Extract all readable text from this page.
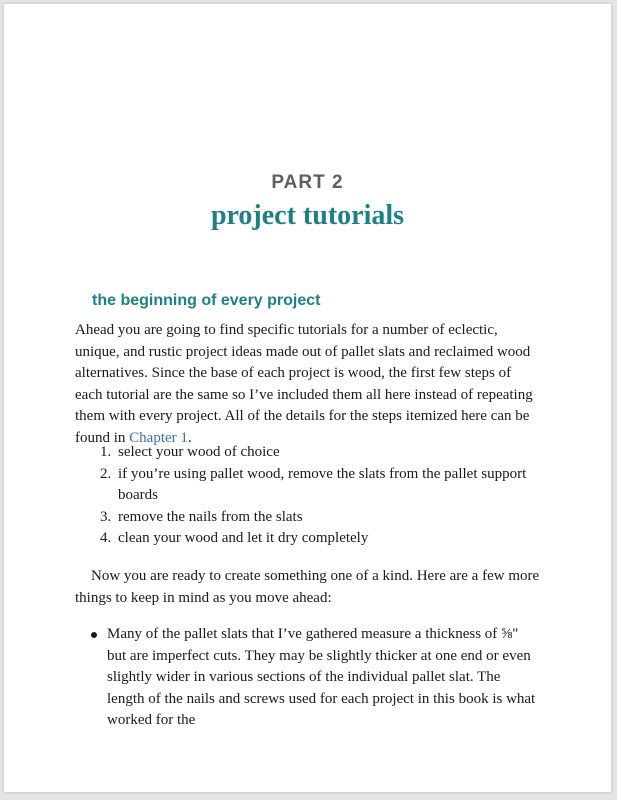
PART 2
project tutorials
the beginning of every project

Ahead you are going to find specific tutorials for a number of eclectic, unique, and rustic project ideas made out of pallet slats and reclaimed wood alternatives. Since the base of each project is wood, the first few steps of each tutorial are the same so I’ve included them all here instead of repeating them with every project. All of the details for the steps itemized here can be found in Chapter 1.

1. select your wood of choice
2. if you’re using pallet wood, remove the slats from the pallet support boards
3. remove the nails from the slats
4. clean your wood and let it dry completely

Now you are ready to create something one of a kind. Here are a few more things to keep in mind as you move ahead:

Many of the pallet slats that I’ve gathered measure a thickness of ⅝" but are imperfect cuts. They may be slightly thicker at one end or even slightly wider in various sections of the individual pallet slat. The length of the nails and screws used for each project in this book is what worked for the
